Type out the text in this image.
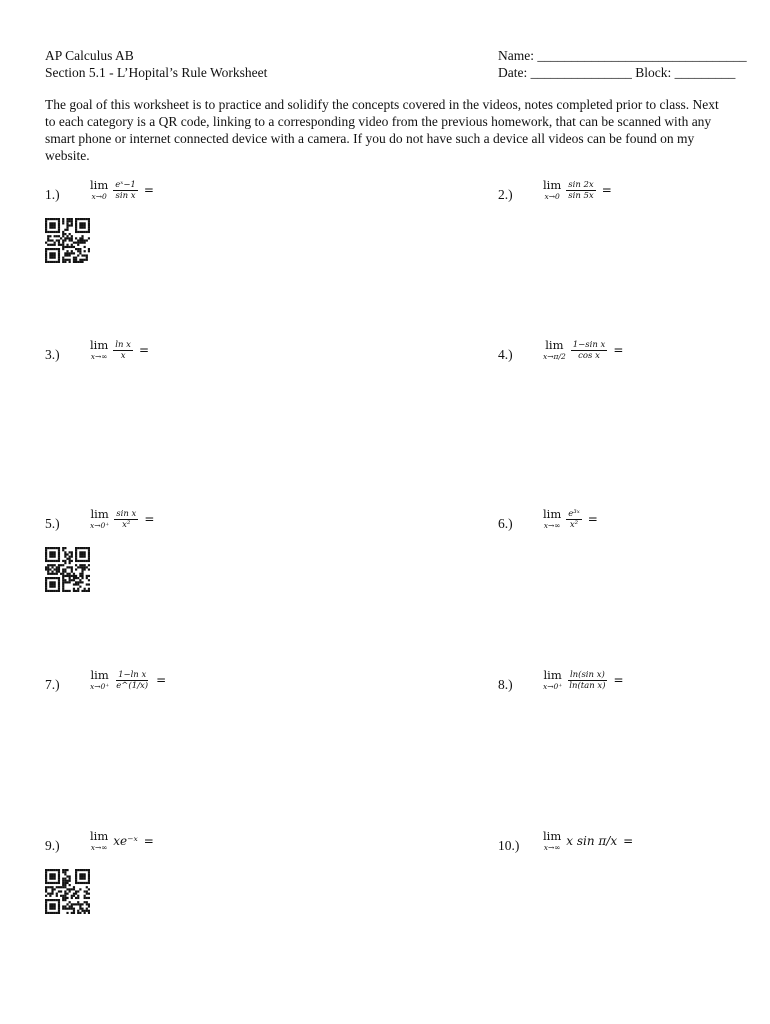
AP Calculus AB
Section 5.1 - L’Hopital’s Rule Worksheet
Name: _______________________________
Date: _______________ Block: _________
The goal of this worksheet is to practice and solidify the concepts covered in the videos, notes completed prior to class. Next to each category is a QR code, linking to a corresponding video from the previous homework, that can be scanned with any smart phone or internet connected device with a camera. If you do not have such a device all videos can be found on my website.
1.)
lim
$x\to 0 \frac{\text{eˣ−1}}{\text{sin x}}$ =	2.)
lim
$x\to 0 \frac{\sin 2x}{\sin 5x}$ =
3.)
lim
$x\to\infty \frac{\text{ln x}}{x}$ =	4.)
lim
$x\to\pi/2 \frac{\text{1−sin x}}{\text{cos x}}$ =
5.)
lim
$x\to 0^+ \frac{\text{sin x}}{\text{x²}}$ =	6.)
lim
$x\to\infty \frac{\text{e³ˣ}}{\text{x²}}$ =
7.)
lim
$x\to 0^+ \frac{\text{1−ln x}}{e\^{}(1/x)}$ =	8.)
lim
$x\to 0^+ \frac{\text{ln(sin x)}}{\text{ln(tan x)}}$ =
9.)
lim
x→∞ xe⁻ˣ =	10.)
lim
x→∞ x sin π/x =
